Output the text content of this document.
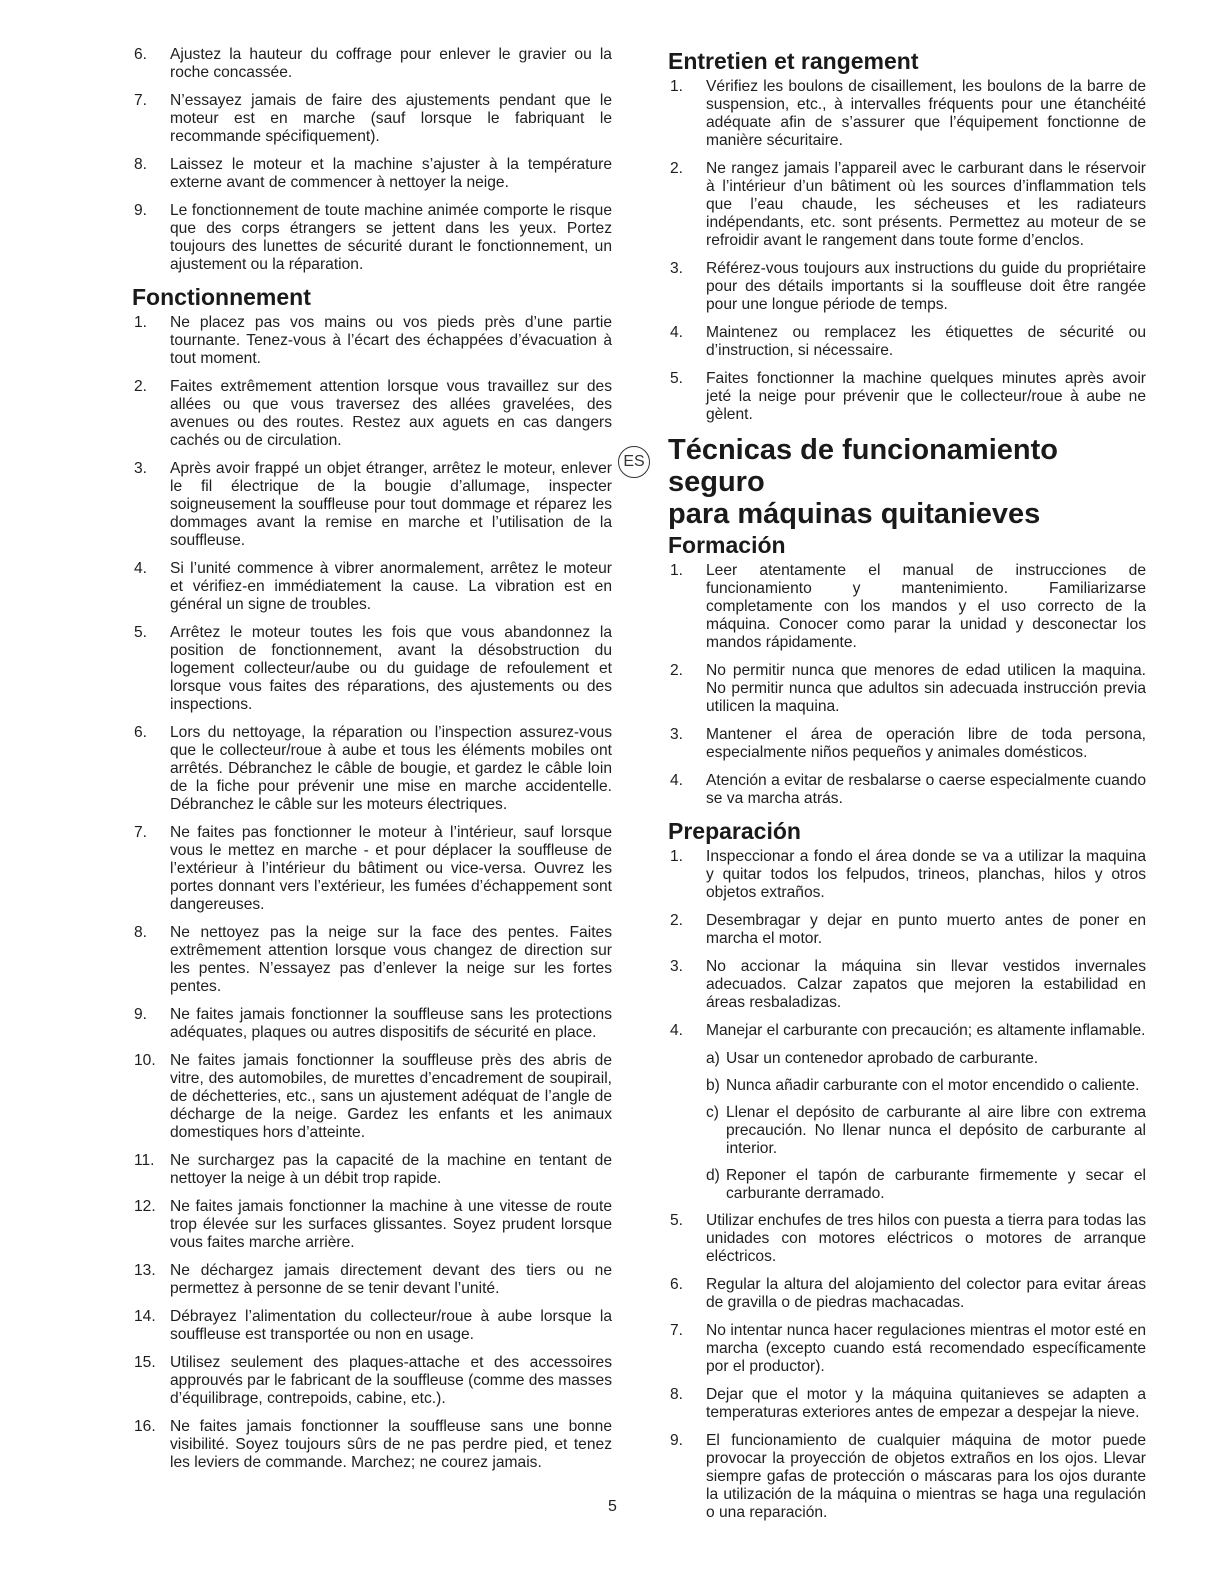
6. Ajustez la hauteur du coffrage pour enlever le gravier ou la roche concassée.
7. N’essayez jamais de faire des ajustements pendant que le moteur est en marche (sauf lorsque le fabriquant le recommande spécifiquement).
8. Laissez le moteur et la machine s’ajuster à la température externe avant de commencer à nettoyer la neige.
9. Le fonctionnement de toute machine animée comporte le risque que des corps étrangers se jettent dans les yeux. Portez toujours des lunettes de sécurité durant le fonctionnement, un ajustement ou la réparation.
Fonctionnement
1. Ne placez pas vos mains ou vos pieds près d’une partie tournante. Tenez-vous à l’écart des échappées d’évacuation à tout moment.
2. Faites extrêmement attention lorsque vous travaillez sur des allées ou que vous traversez des allées gravelées, des avenues ou des routes. Restez aux aguets en cas dangers cachés ou de circulation.
3. Après avoir frappé un objet étranger, arrêtez le moteur, enlever le fil électrique de la bougie d’allumage, inspecter soigneusement la souffleuse pour tout dommage et réparez les dommages avant la remise en marche et l’utilisation de la souffleuse.
4. Si l’unité commence à vibrer anormalement, arrêtez le moteur et vérifiez-en immédiatement la cause. La vibration est en général un signe de troubles.
5. Arrêtez le moteur toutes les fois que vous abandonnez la position de fonctionnement, avant la désobstruction du logement collecteur/aube ou du guidage de refoulement et lorsque vous faites des réparations, des ajustements ou des inspections.
6. Lors du nettoyage, la réparation ou l’inspection assurez-vous que le collecteur/roue à aube et tous les éléments mobiles ont arrêtés. Débranchez le câble de bougie, et gardez le câble loin de la fiche pour prévenir une mise en marche accidentelle. Débranchez le câble sur les moteurs électriques.
7. Ne faites pas fonctionner le moteur à l’intérieur, sauf lorsque vous le mettez en marche - et pour déplacer la souffleuse de l’extérieur à l’intérieur du bâtiment ou vice-versa. Ouvrez les portes donnant vers l’extérieur, les fumées d’échappement sont dangereuses.
8. Ne nettoyez pas la neige sur la face des pentes. Faites extrêmement attention lorsque vous changez de direction sur les pentes. N’essayez pas d’enlever la neige sur les fortes pentes.
9. Ne faites jamais fonctionner la souffleuse sans les protections adéquates, plaques ou autres dispositifs de sécurité en place.
10. Ne faites jamais fonctionner la souffleuse près des abris de vitre, des automobiles, de murettes d’encadrement de soupirail, de déchetteries, etc., sans un ajustement adéquat de l’angle de décharge de la neige. Gardez les enfants et les animaux domestiques hors d’atteinte.
11. Ne surchargez pas la capacité de la machine en tentant de nettoyer la neige à un débit trop rapide.
12. Ne faites jamais fonctionner la machine à une vitesse de route trop élevée sur les surfaces glissantes. Soyez prudent lorsque vous faites marche arrière.
13. Ne déchargez jamais directement devant des tiers ou ne permettez à personne de se tenir devant l’unité.
14. Débrayez l’alimentation du collecteur/roue à aube lorsque la souffleuse est transportée ou non en usage.
15. Utilisez seulement des plaques-attache et des accessoires approuvés par le fabricant de la souffleuse (comme des masses d’équilibrage, contrepoids, cabine, etc.).
16. Ne faites jamais fonctionner la souffleuse sans une bonne visibilité. Soyez toujours sûrs de ne pas perdre pied, et tenez les leviers de commande. Marchez; ne courez jamais.
Entretien et rangement
1. Vérifiez les boulons de cisaillement, les boulons de la barre de suspension, etc., à intervalles fréquents pour une étanchéité adéquate afin de s’assurer que l’équipement fonctionne de manière sécuritaire.
2. Ne rangez jamais l’appareil avec le carburant dans le réservoir à l’intérieur d’un bâtiment où les sources d’inflammation tels que l’eau chaude, les sécheuses et les radiateurs indépendants, etc. sont présents. Permettez au moteur de se refroidir avant le rangement dans toute forme d’enclos.
3. Référez-vous toujours aux instructions du guide du propriétaire pour des détails importants si la souffleuse doit être rangée pour une longue période de temps.
4. Maintenez ou remplacez les étiquettes de sécurité ou d’instruction, si nécessaire.
5. Faites fonctionner la machine quelques minutes après avoir jeté la neige pour prévenir que le collecteur/roue à aube ne gèlent.
ES Técnicas de funcionamiento seguro
para máquinas quitanieves
Formación
1. Leer atentamente el manual de instrucciones de funcionamiento y mantenimiento. Familiarizarse completamente con los mandos y el uso correcto de la máquina. Conocer como parar la unidad y desconectar los mandos rápidamente.
2. No permitir nunca que menores de edad utilicen la maquina. No permitir nunca que adultos sin adecuada instrucción previa utilicen la maquina.
3. Mantener el área de operación libre de toda persona, especialmente niños pequeños y animales domésticos.
4. Atención a evitar de resbalarse o caerse especialmente cuando se va marcha atrás.
Preparación
1. Inspeccionar a fondo el área donde se va a utilizar la maquina y quitar todos los felpudos, trineos, planchas, hilos y otros objetos extraños.
2. Desembragar y dejar en punto muerto antes de poner en marcha el motor.
3. No accionar la máquina sin llevar vestidos invernales adecuados. Calzar zapatos que mejoren la estabilidad en áreas resbaladizas.
4. Manejar el carburante con precaución; es altamente inflamable.
a) Usar un contenedor aprobado de carburante.
b) Nunca añadir carburante con el motor encendido o caliente.
c) Llenar el depósito de carburante al aire libre con extrema precaución. No llenar nunca el depósito de carburante al interior.
d) Reponer el tapón de carburante firmemente y secar el carburante derramado.
5. Utilizar enchufes de tres hilos con puesta a tierra para todas las unidades con motores eléctricos o motores de arranque eléctricos.
6. Regular la altura del alojamiento del colector para evitar áreas de gravilla o de piedras machacadas.
7. No intentar nunca hacer regulaciones mientras el motor esté en marcha (excepto cuando está recomendado específicamente por el productor).
8. Dejar que el motor y la máquina quitanieves se adapten a temperaturas exteriores antes de empezar a despejar la nieve.
9. El funcionamiento de cualquier máquina de motor puede provocar la proyección de objetos extraños en los ojos. Llevar siempre gafas de protección o máscaras para los ojos durante la utilización de la máquina o mientras se haga una regulación o una reparación.
5
